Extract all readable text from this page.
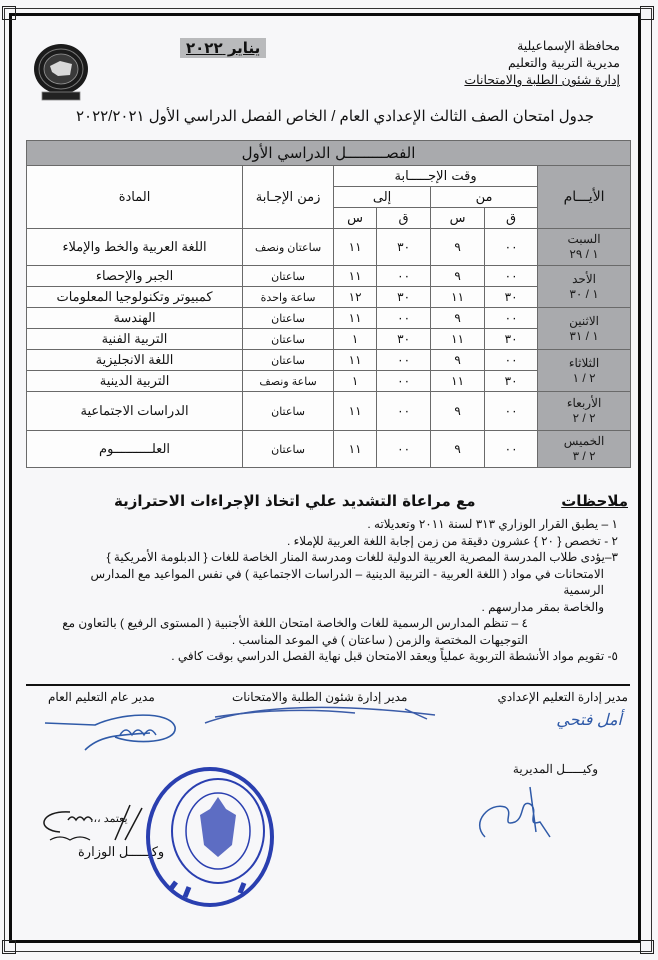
محافظة الإسماعيلية
مديرية التربية والتعليم
إدارة شئون الطلبة والامتحانات
يناير ٢٠٢٢
جدول امتحان الصف الثالث الإعدادي العام / الخاص الفصل الدراسي الأول ٢٠٢٢/٢٠٢١
الفصـــــــــل الدراسي الأول						
الأيـــام	وقت الإجـــــابة				زمن الإجـابة	المادة
	من		إلى			
	ق	س	ق	س		

السبت
١ / ٢٩	٠٠	٩	٣٠	١١	ساعتان ونصف	اللغة العربية والخط والإملاء

الأحد
١ / ٣٠	٠٠	٩	٠٠	١١	ساعتان	الجبر والإحصاء
	٣٠	١١	٣٠	١٢	ساعة واحدة	كمبيوتر وتكنولوجيا المعلومات

الاثنين
١ / ٣١	٠٠	٩	٠٠	١١	ساعتان	الهندسة
	٣٠	١١	٣٠	١	ساعتان	التربية الفنية

الثلاثاء
٢ / ١	٠٠	٩	٠٠	١١	ساعتان	اللغة الانجليزية
	٣٠	١١	٠٠	١	ساعة ونصف	التربية الدينية

الأربعاء
٢ / ٢	٠٠	٩	٠٠	١١	ساعتان	الدراسات الاجتماعية

الخميس
٢ / ٣	٠٠	٩	٠٠	١١	ساعتان	العلــــــــــوم
ملاحظات
مع مراعاة التشديد علي اتخاذ الإجراءات الاحترازية

١ – يطبق القرار الوزاري ٣١٣ لسنة ٢٠١١ وتعديلاته .

٢ - تخصص { ٢٠ } عشرون دقيقة من زمن إجابة اللغة العربية للإملاء .

٣–يؤدى طلاب المدرسة المصرية العربية الدولية للغات ومدرسة المنار الخاصة للغات { الدبلومة الأمريكية }

الامتحانات في مواد ( اللغة العربية - التربية الدينية – الدراسات الاجتماعية ) في نفس المواعيد مع المدارس الرسمية

والخاصة بمقر مدارسهم .

٤ – تنظم المدارس الرسمية للغات والخاصة امتحان اللغة الأجنبية ( المستوى الرفيع ) بالتعاون مع

التوجيهات المختصة والزمن ( ساعتان ) في الموعد المناسب .

٥- تقويم مواد الأنشطة التربوية عملياً ويعقد الامتحان قبل نهاية الفصل الدراسي بوقت كافي .

مدير إدارة التعليم الإعدادي
أمل فتحي
مدير إدارة شئون الطلبة والامتحانات
مدير عام التعليم العام
وكيـــــل المديرية
يعتمد ،،،
وكيـــــل الوزارة
